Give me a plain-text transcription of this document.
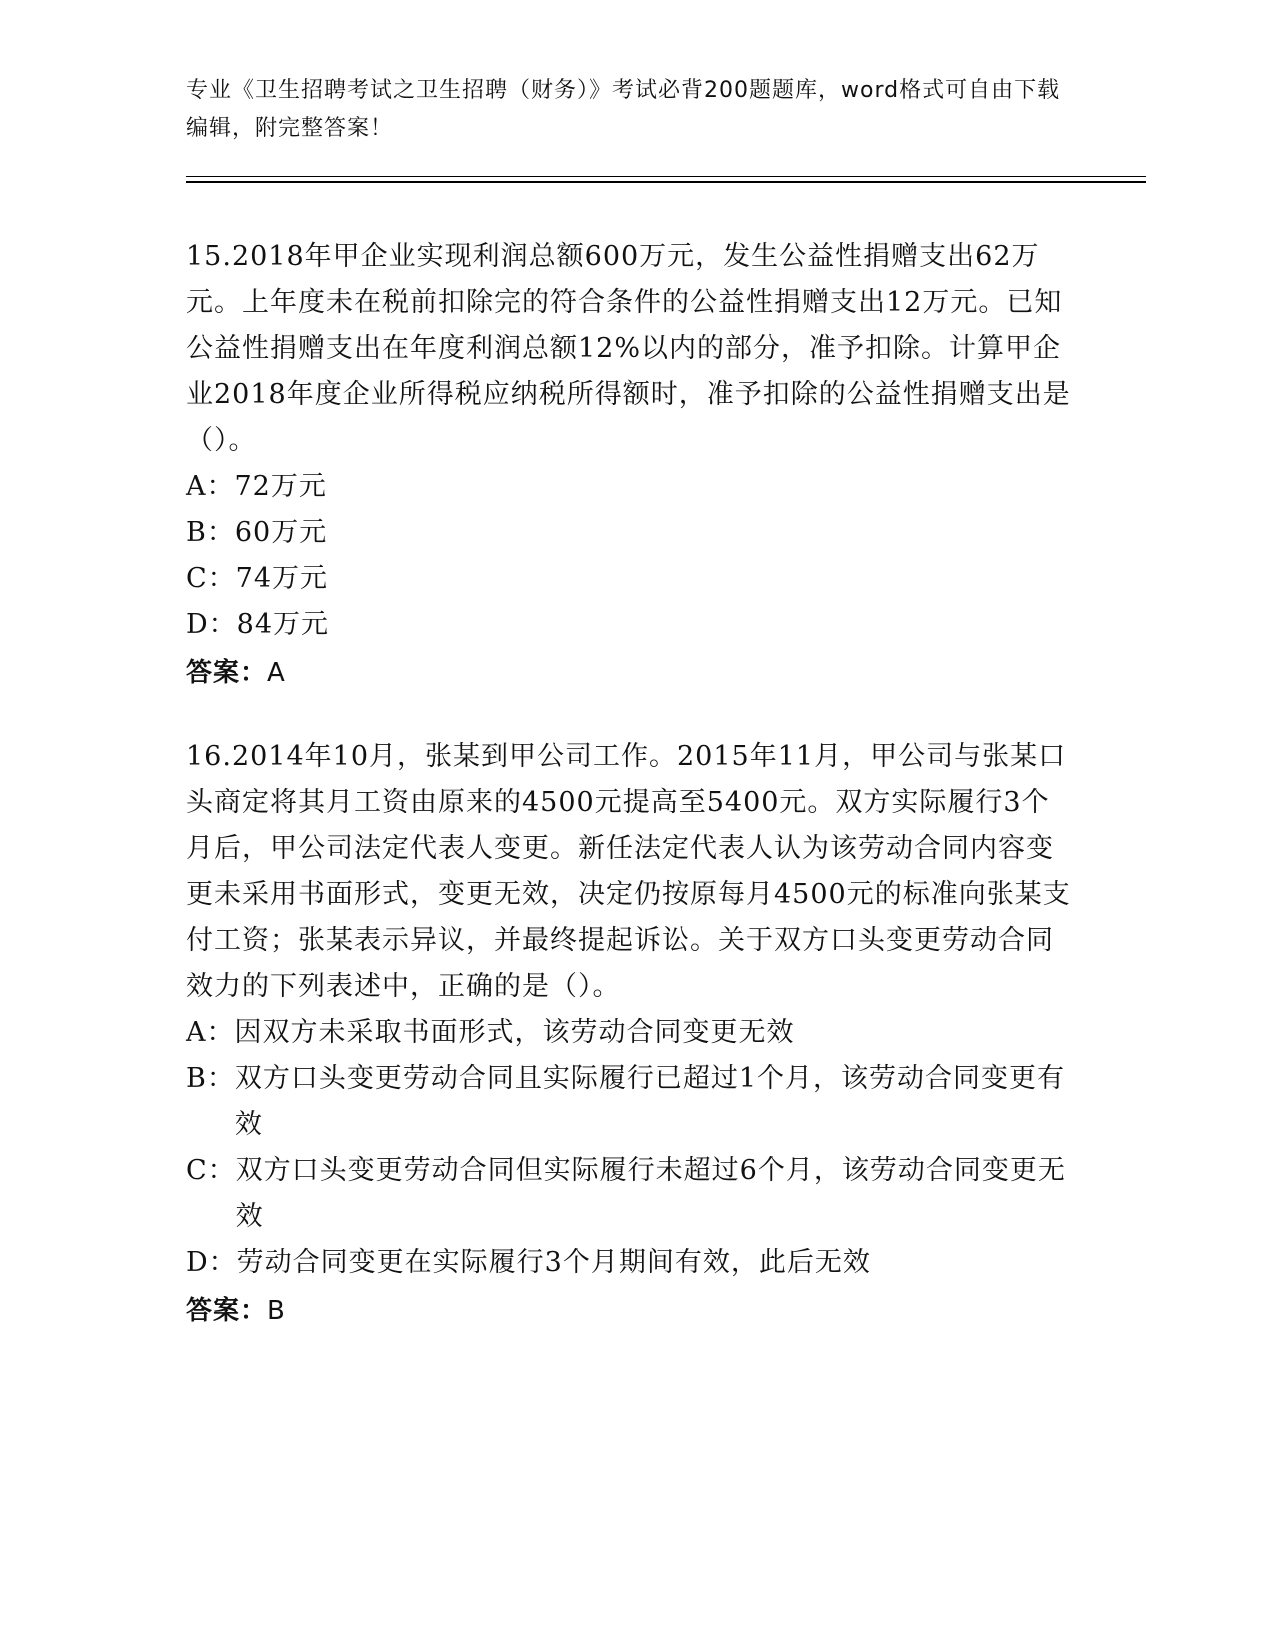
专业《卫生招聘考试之卫生招聘（财务）》考试必背200题题库，word格式可自由下载编辑，附完整答案！
15.2018年甲企业实现利润总额600万元，发生公益性捐赠支出62万元。上年度未在税前扣除完的符合条件的公益性捐赠支出12万元。已知公益性捐赠支出在年度利润总额12%以内的部分，准予扣除。计算甲企业2018年度企业所得税应纳税所得额时，准予扣除的公益性捐赠支出是（）。
A： 72万元
B： 60万元
C： 74万元
D： 84万元
答案：A
16.2014年10月，张某到甲公司工作。2015年11月，甲公司与张某口头商定将其月工资由原来的4500元提高至5400元。双方实际履行3个月后，甲公司法定代表人变更。新任法定代表人认为该劳动合同内容变更未采用书面形式，变更无效，决定仍按原每月4500元的标准向张某支付工资；张某表示异议，并最终提起诉讼。关于双方口头变更劳动合同效力的下列表述中，正确的是（）。
A： 因双方未采取书面形式，该劳动合同变更无效
B： 双方口头变更劳动合同且实际履行已超过1个月，该劳动合同变更有效
C： 双方口头变更劳动合同但实际履行未超过6个月，该劳动合同变更无效
D： 劳动合同变更在实际履行3个月期间有效，此后无效
答案：B
